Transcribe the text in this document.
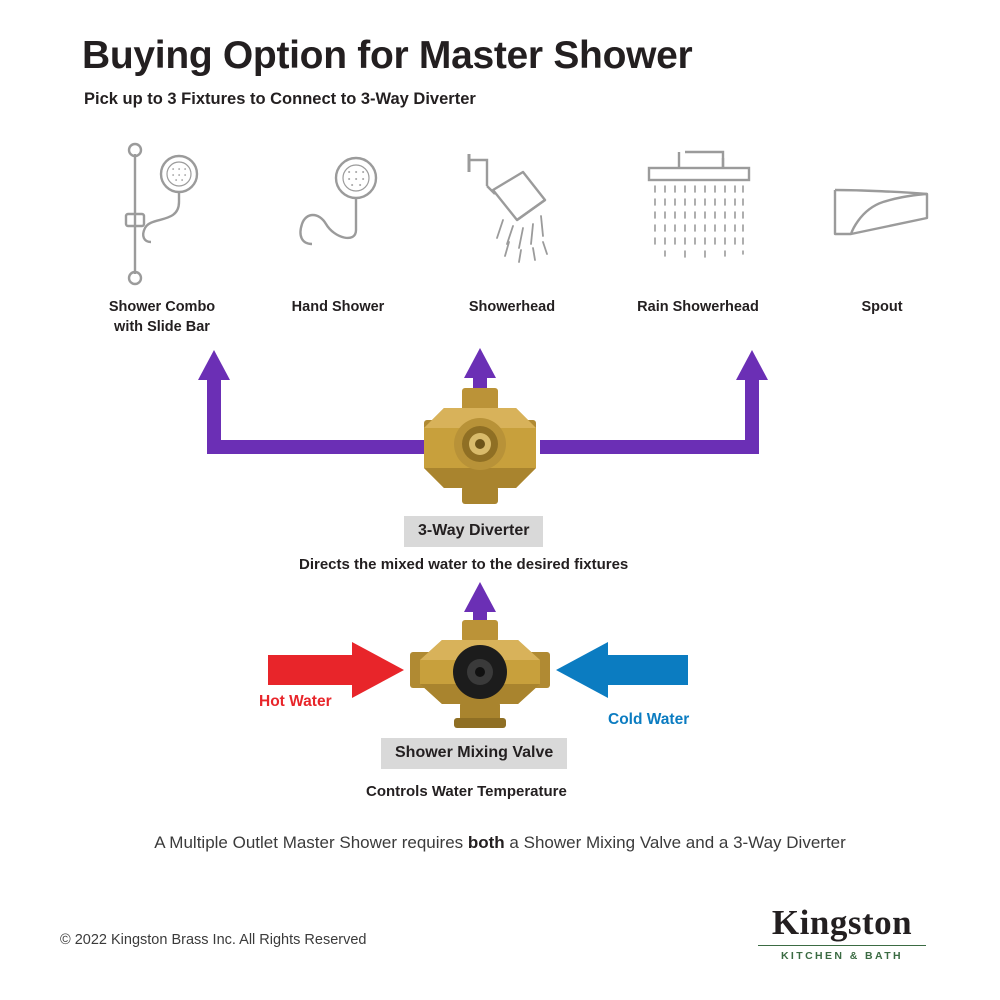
Buying Option for Master Shower
Pick up to 3 Fixtures to Connect to 3-Way Diverter
Shower Combo
with Slide Bar
Hand Shower	Showerhead	Rain Showerhead	Spout
3-Way Diverter
Directs the mixed water to the desired fixtures
Hot Water
Cold Water
Shower Mixing Valve
Controls Water Temperature
A Multiple Outlet Master Shower requires both a Shower Mixing Valve and a 3-Way Diverter
© 2022 Kingston Brass Inc. All Rights Reserved	Kingston
KITCHEN & BATH
